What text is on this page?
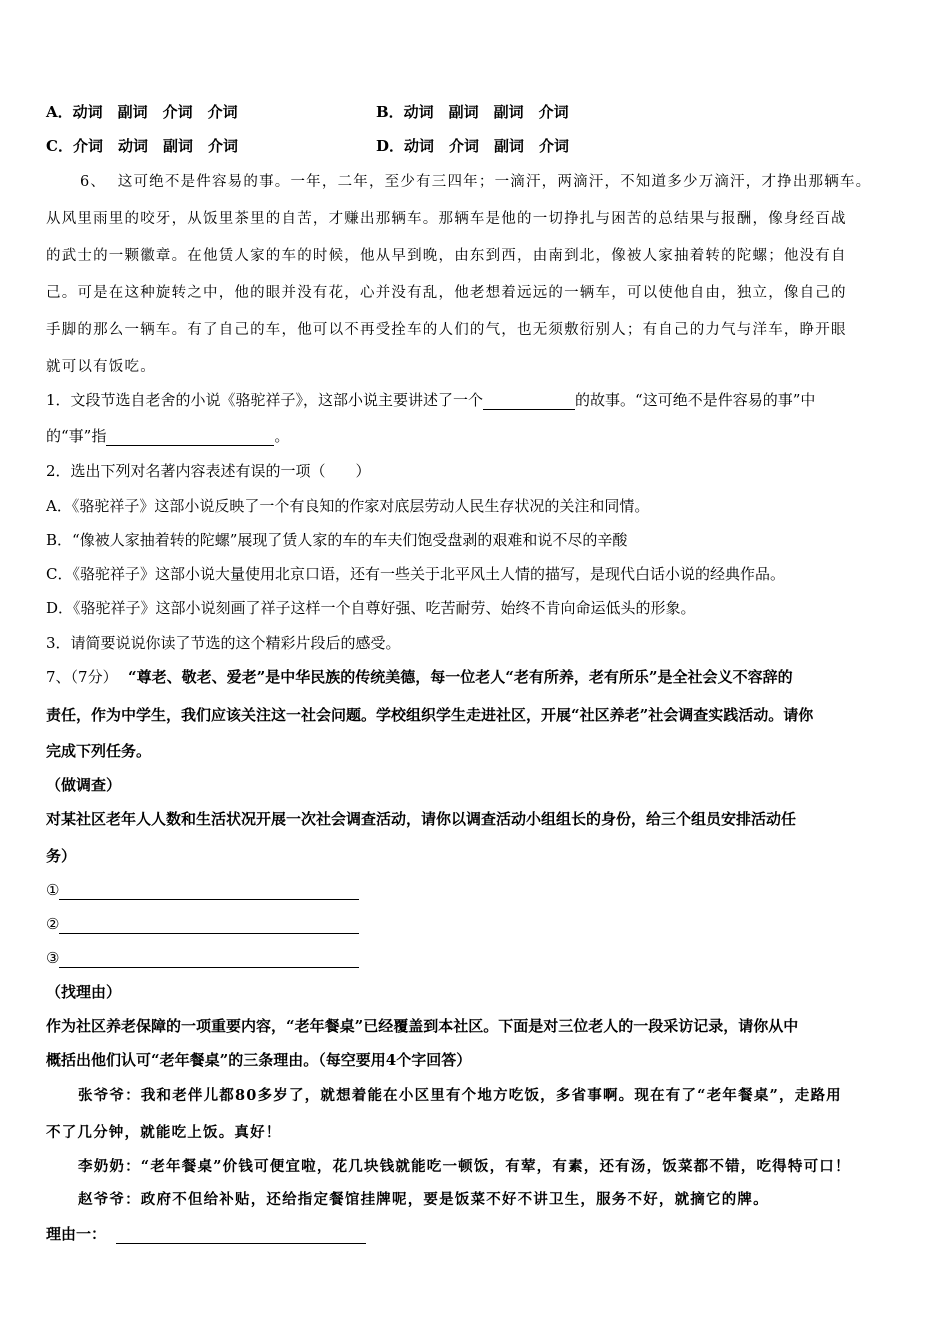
A．动词　副词　介词　介词	B．动词　副词　副词　介词
C．介词　动词　副词　介词	D．动词　介词　副词　介词
6、 这可绝不是件容易的事。一年，二年，至少有三四年；一滴汗，两滴汗，不知道多少万滴汗，才挣出那辆车。
从风里雨里的咬牙，从饭里茶里的自苦，才赚出那辆车。那辆车是他的一切挣扎与困苦的总结果与报酬，像身经百战
的武士的一颗徽章。在他赁人家的车的时候，他从早到晚，由东到西，由南到北，像被人家抽着转的陀螺；他没有自
己。可是在这种旋转之中，他的眼并没有花，心并没有乱，他老想着远远的一辆车，可以使他自由，独立，像自己的
手脚的那么一辆车。有了自己的车，他可以不再受拴车的人们的气，也无须敷衍别人；有自己的力气与洋车，睁开眼
就可以有饭吃。
1．文段节选自老舍的小说《骆驼祥子》，这部小说主要讲述了一个	的故事。“这可绝不是件容易的事”中
的“事”指	。
2．选出下列对名著内容表述有误的一项（　　）
A．《骆驼祥子》这部小说反映了一个有良知的作家对底层劳动人民生存状况的关注和同情。
B．“像被人家抽着转的陀螺”展现了赁人家的车的车夫们饱受盘剥的艰难和说不尽的辛酸
C．《骆驼祥子》这部小说大量使用北京口语，还有一些关于北平风土人情的描写，是现代白话小说的经典作品。
D．《骆驼祥子》这部小说刻画了祥子这样一个自尊好强、吃苦耐劳、始终不肯向命运低头的形象。
3．请简要说说你读了节选的这个精彩片段后的感受。
7、（7分） “尊老、敬老、爱老”是中华民族的传统美德，每一位老人“老有所养，老有所乐”是全社会义不容辞的
责任，作为中学生，我们应该关注这一社会问题。学校组织学生走进社区，开展“社区养老”社会调查实践活动。请你
完成下列任务。
（做调查）
对某社区老年人人数和生活状况开展一次社会调查活动，请你以调查活动小组组长的身份，给三个组员安排活动任
务）
①
②
③
（找理由）
作为社区养老保障的一项重要内容，“老年餐桌”已经覆盖到本社区。下面是对三位老人的一段采访记录，请你从中
概括出他们认可“老年餐桌”的三条理由。（每空要用4个字回答）
张爷爷：我和老伴儿都80多岁了，就想着能在小区里有个地方吃饭，多省事啊。现在有了“老年餐桌”，走路用
不了几分钟，就能吃上饭。真好！
李奶奶：“老年餐桌”价钱可便宜啦，花几块钱就能吃一顿饭，有荤，有素，还有汤，饭菜都不错，吃得特可口！
赵爷爷：政府不但给补贴，还给指定餐馆挂牌呢，要是饭菜不好不讲卫生，服务不好，就摘它的牌。
理由一：
